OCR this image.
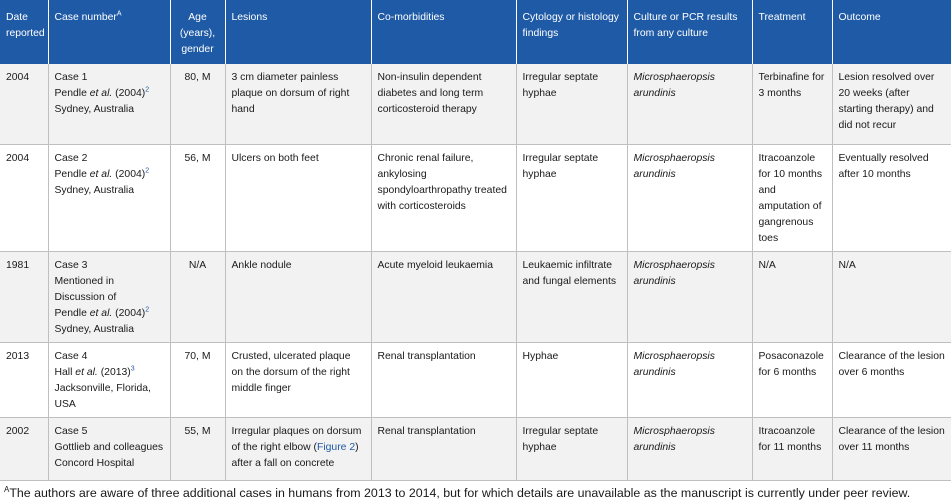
Date reported	Case number$^A$	Age (years), gender	Lesions	Co-morbidities	Cytology or histology findings	Culture or PCR results from any culture	Treatment	Outcome
2004	Case 1
Pendle et al. $(2004)^2$
Sydney, Australia	80, M	3 cm diameter painless plaque on dorsum of right hand	Non-insulin dependent diabetes and long term corticosteroid therapy	Irregular septate hyphae	Microsphaeropsis arundinis	Terbinafine for 3 months	Lesion resolved over 20 weeks (after starting therapy) and did not recur
2004	Case 2
Pendle et al. $(2004)^2$
Sydney, Australia	56, M	Ulcers on both feet	Chronic renal failure, ankylosing spondyloarthropathy treated with corticosteroids	Irregular septate hyphae	Microsphaeropsis arundinis	Itracoanzole for 10 months and amputation of gangrenous toes	Eventually resolved after 10 months
1981	Case 3
Mentioned in Discussion of
Pendle et al. $(2004)^2$
Sydney, Australia	N/A	Ankle nodule	Acute myeloid leukaemia	Leukaemic infiltrate and fungal elements	Microsphaeropsis arundinis	N/A	N/A
2013	Case 4
Hall et al. $(2013)^3$
Jacksonville, Florida, USA	70, M	Crusted, ulcerated plaque on the dorsum of the right middle finger	Renal transplantation	Hyphae	Microsphaeropsis arundinis	Posaconazole for 6 months	Clearance of the lesion over 6 months
2002	Case 5
Gottlieb and colleagues
Concord Hospital	55, M	Irregular plaques on dorsum of the right elbow (Figure 2) after a fall on concrete	Renal transplantation	Irregular septate hyphae	Microsphaeropsis arundinis	Itracoanzole for 11 months	Clearance of the lesion over 11 months
$^A$The authors are aware of three additional cases in humans from 2013 to 2014, but for which details are unavailable as the manuscript is currently under peer review.
